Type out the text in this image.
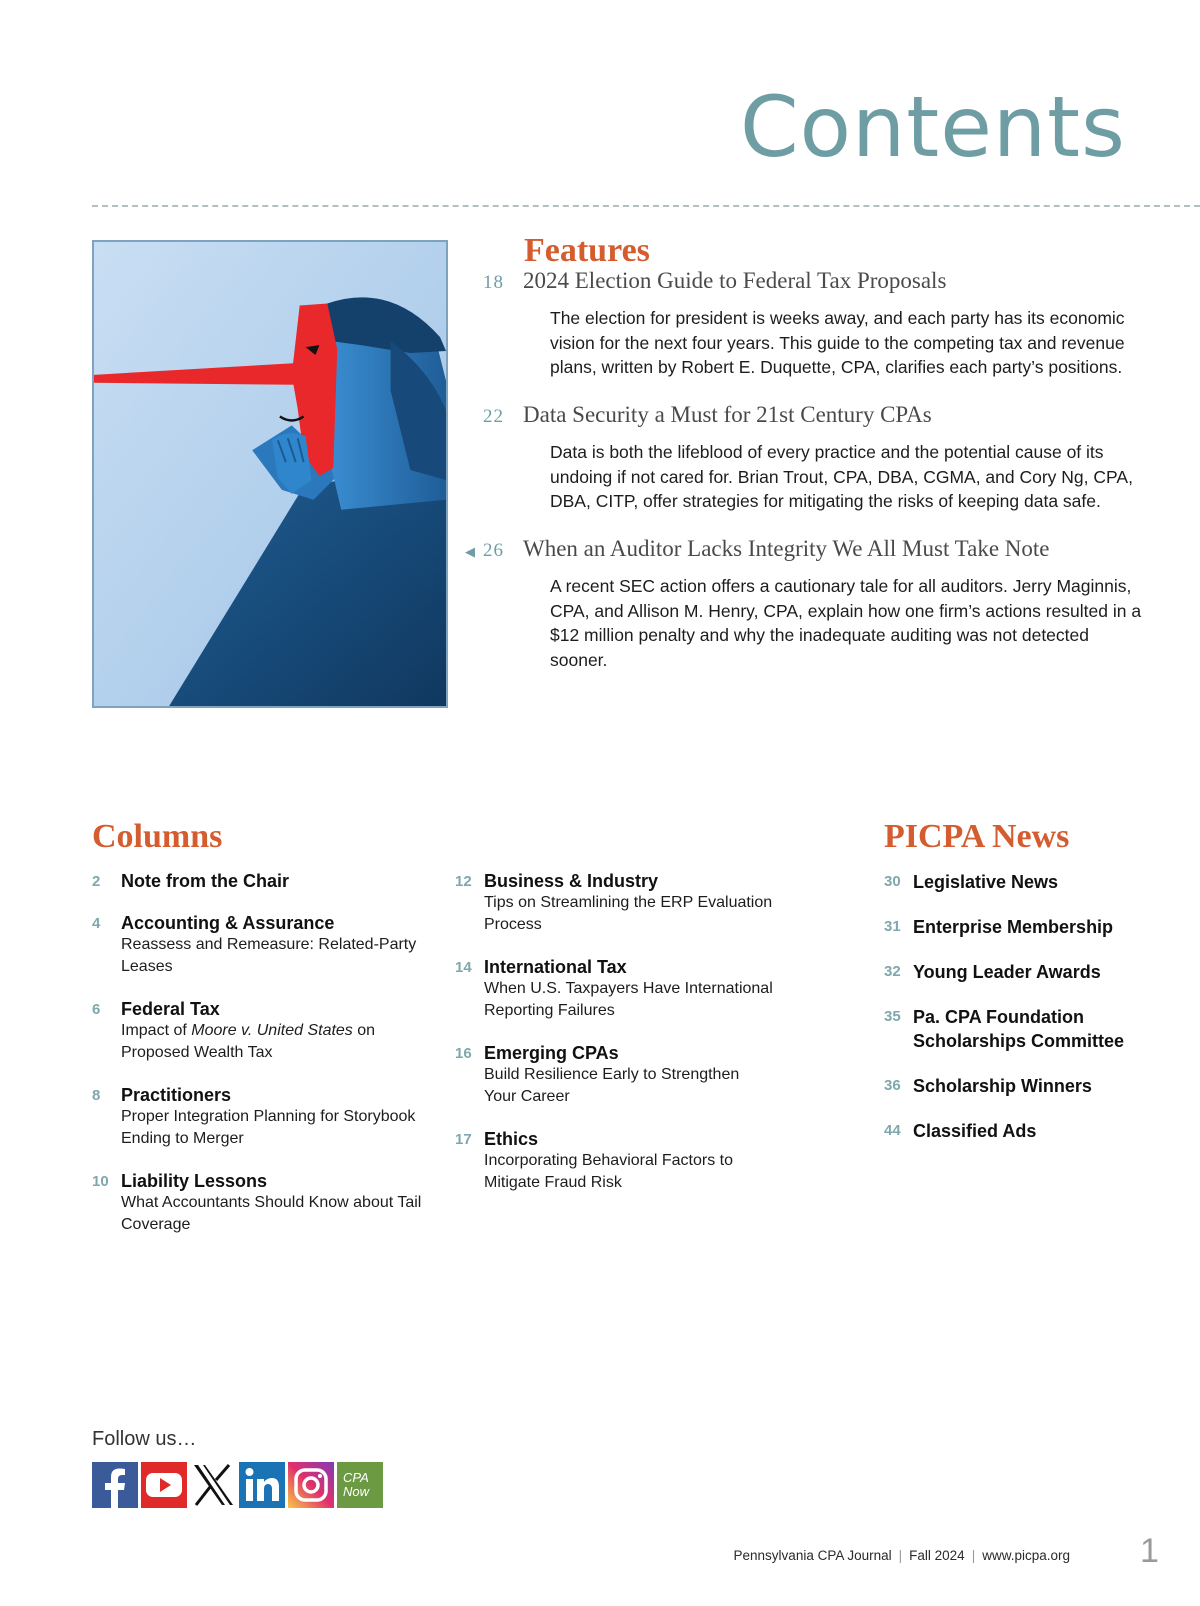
Contents
Features
18 2024 Election Guide to Federal Tax Proposals

The election for president is weeks away, and each party has its economic vision for the next four years. This guide to the competing tax and revenue plans, written by Robert E. Duquette, CPA, clarifies each party’s positions.

22 Data Security a Must for 21st Century CPAs

Data is both the lifeblood of every practice and the potential cause of its undoing if not cared for. Brian Trout, CPA, DBA, CGMA, and Cory Ng, CPA, DBA, CITP, offer strategies for mitigating the risks of keeping data safe.

◀ 26 When an Auditor Lacks Integrity We All Must Take Note

A recent SEC action offers a cautionary tale for all auditors. Jerry Maginnis, CPA, and Allison M. Henry, CPA, explain how one firm’s actions resulted in a $12 million penalty and why the inadequate auditing was not detected sooner.

Columns
2	Note from the Chair
4	Accounting & Assurance
Reassess and Remeasure: Related-Party Leases
6	Federal Tax
Impact of Moore v. United States on Proposed Wealth Tax
8	Practitioners
Proper Integration Planning for Storybook Ending to Merger
10 Liability Lessons
What Accountants Should Know about Tail Coverage
12 Business & Industry
Tips on Streamlining the ERP Evaluation Process
14 International Tax
When U.S. Taxpayers Have International Reporting Failures
16 Emerging CPAs
Build Resilience Early to Strengthen Your Career
17 Ethics
Incorporating Behavioral Factors to Mitigate Fraud Risk
PICPA News
30 Legislative News
31 Enterprise Membership
32 Young Leader Awards
35 Pa. CPA Foundation Scholarships Committee
36 Scholarship Winners
44 Classified Ads
Follow us…
CPA
Now
Pennsylvania CPA Journal | Fall 2024 | www.picpa.org 1
